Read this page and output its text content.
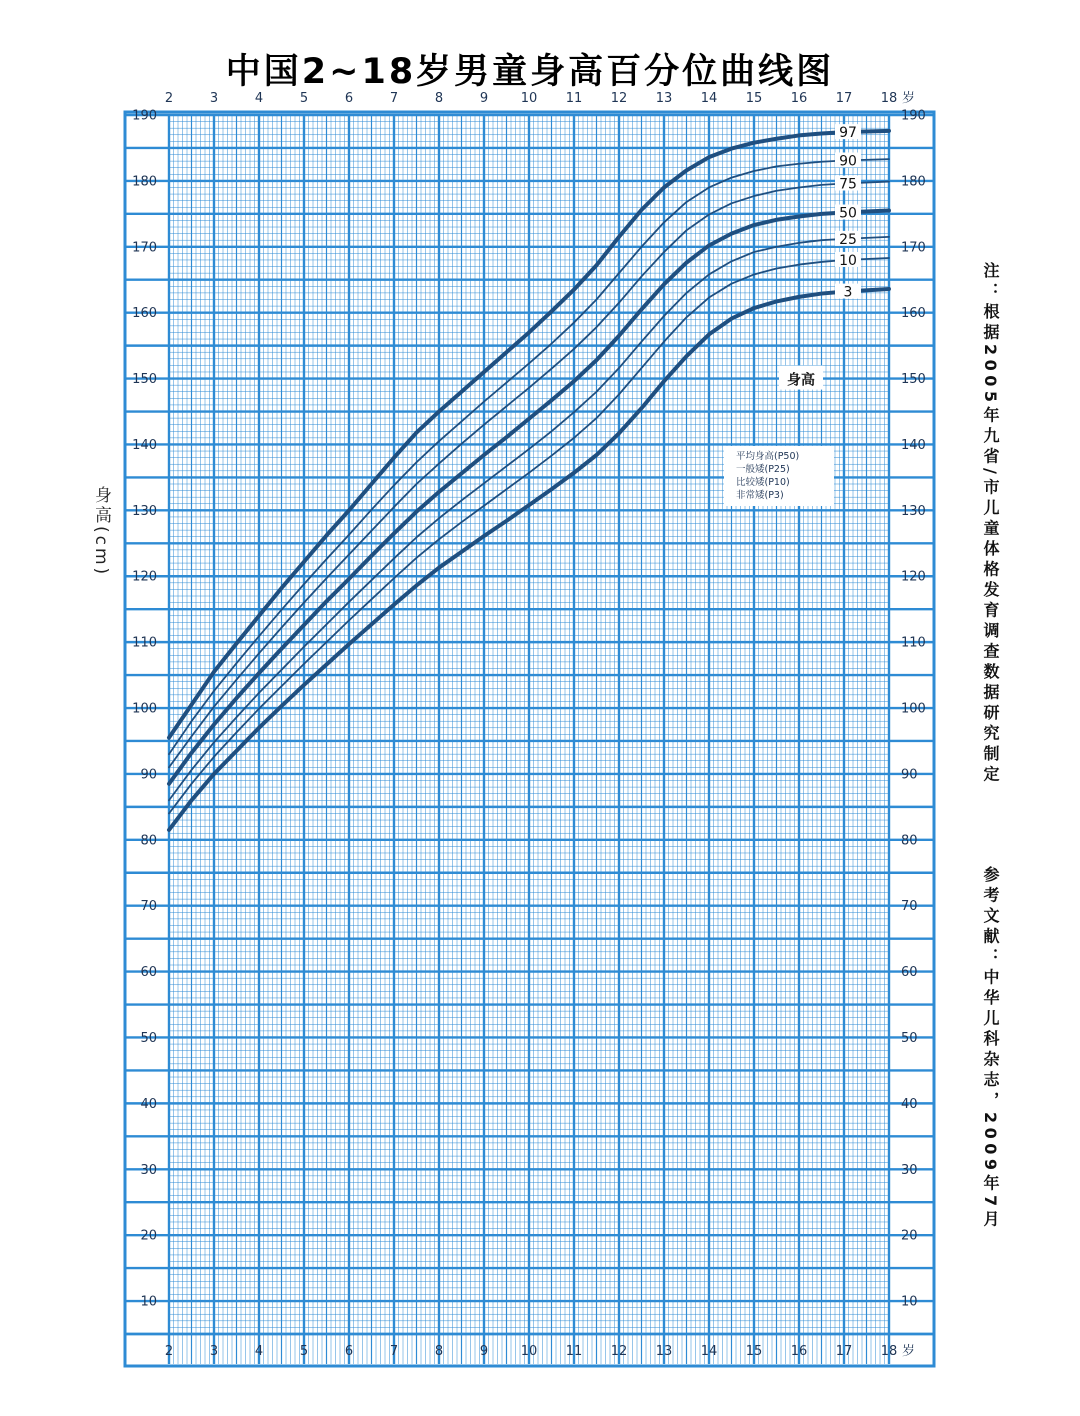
中国2~18岁男童身高百分位曲线图
10	10
20	20
30	30
40	40
50	50
60	60
70	70
80	80
90	90
100	100
110	110
120	120
130	130
140	140
150	150
160	160
170	170
180	180
190	190
2
2
3
3
4
4
5
5
6
6
7
7
8
8
9
9
10
10
11
11
12
12
13
13
14
14
15
15
16
16
17
17
18
18
岁
岁
97
90
75
50
25
10
3
身高
平均身高(P50)
一般矮(P25)
比较矮(P10)
非常矮(P3)
身高(cm)	注：根据2005年九省/市儿童体格发育调查数据研究制定
参考文献：中华儿科杂志，2009年7月
